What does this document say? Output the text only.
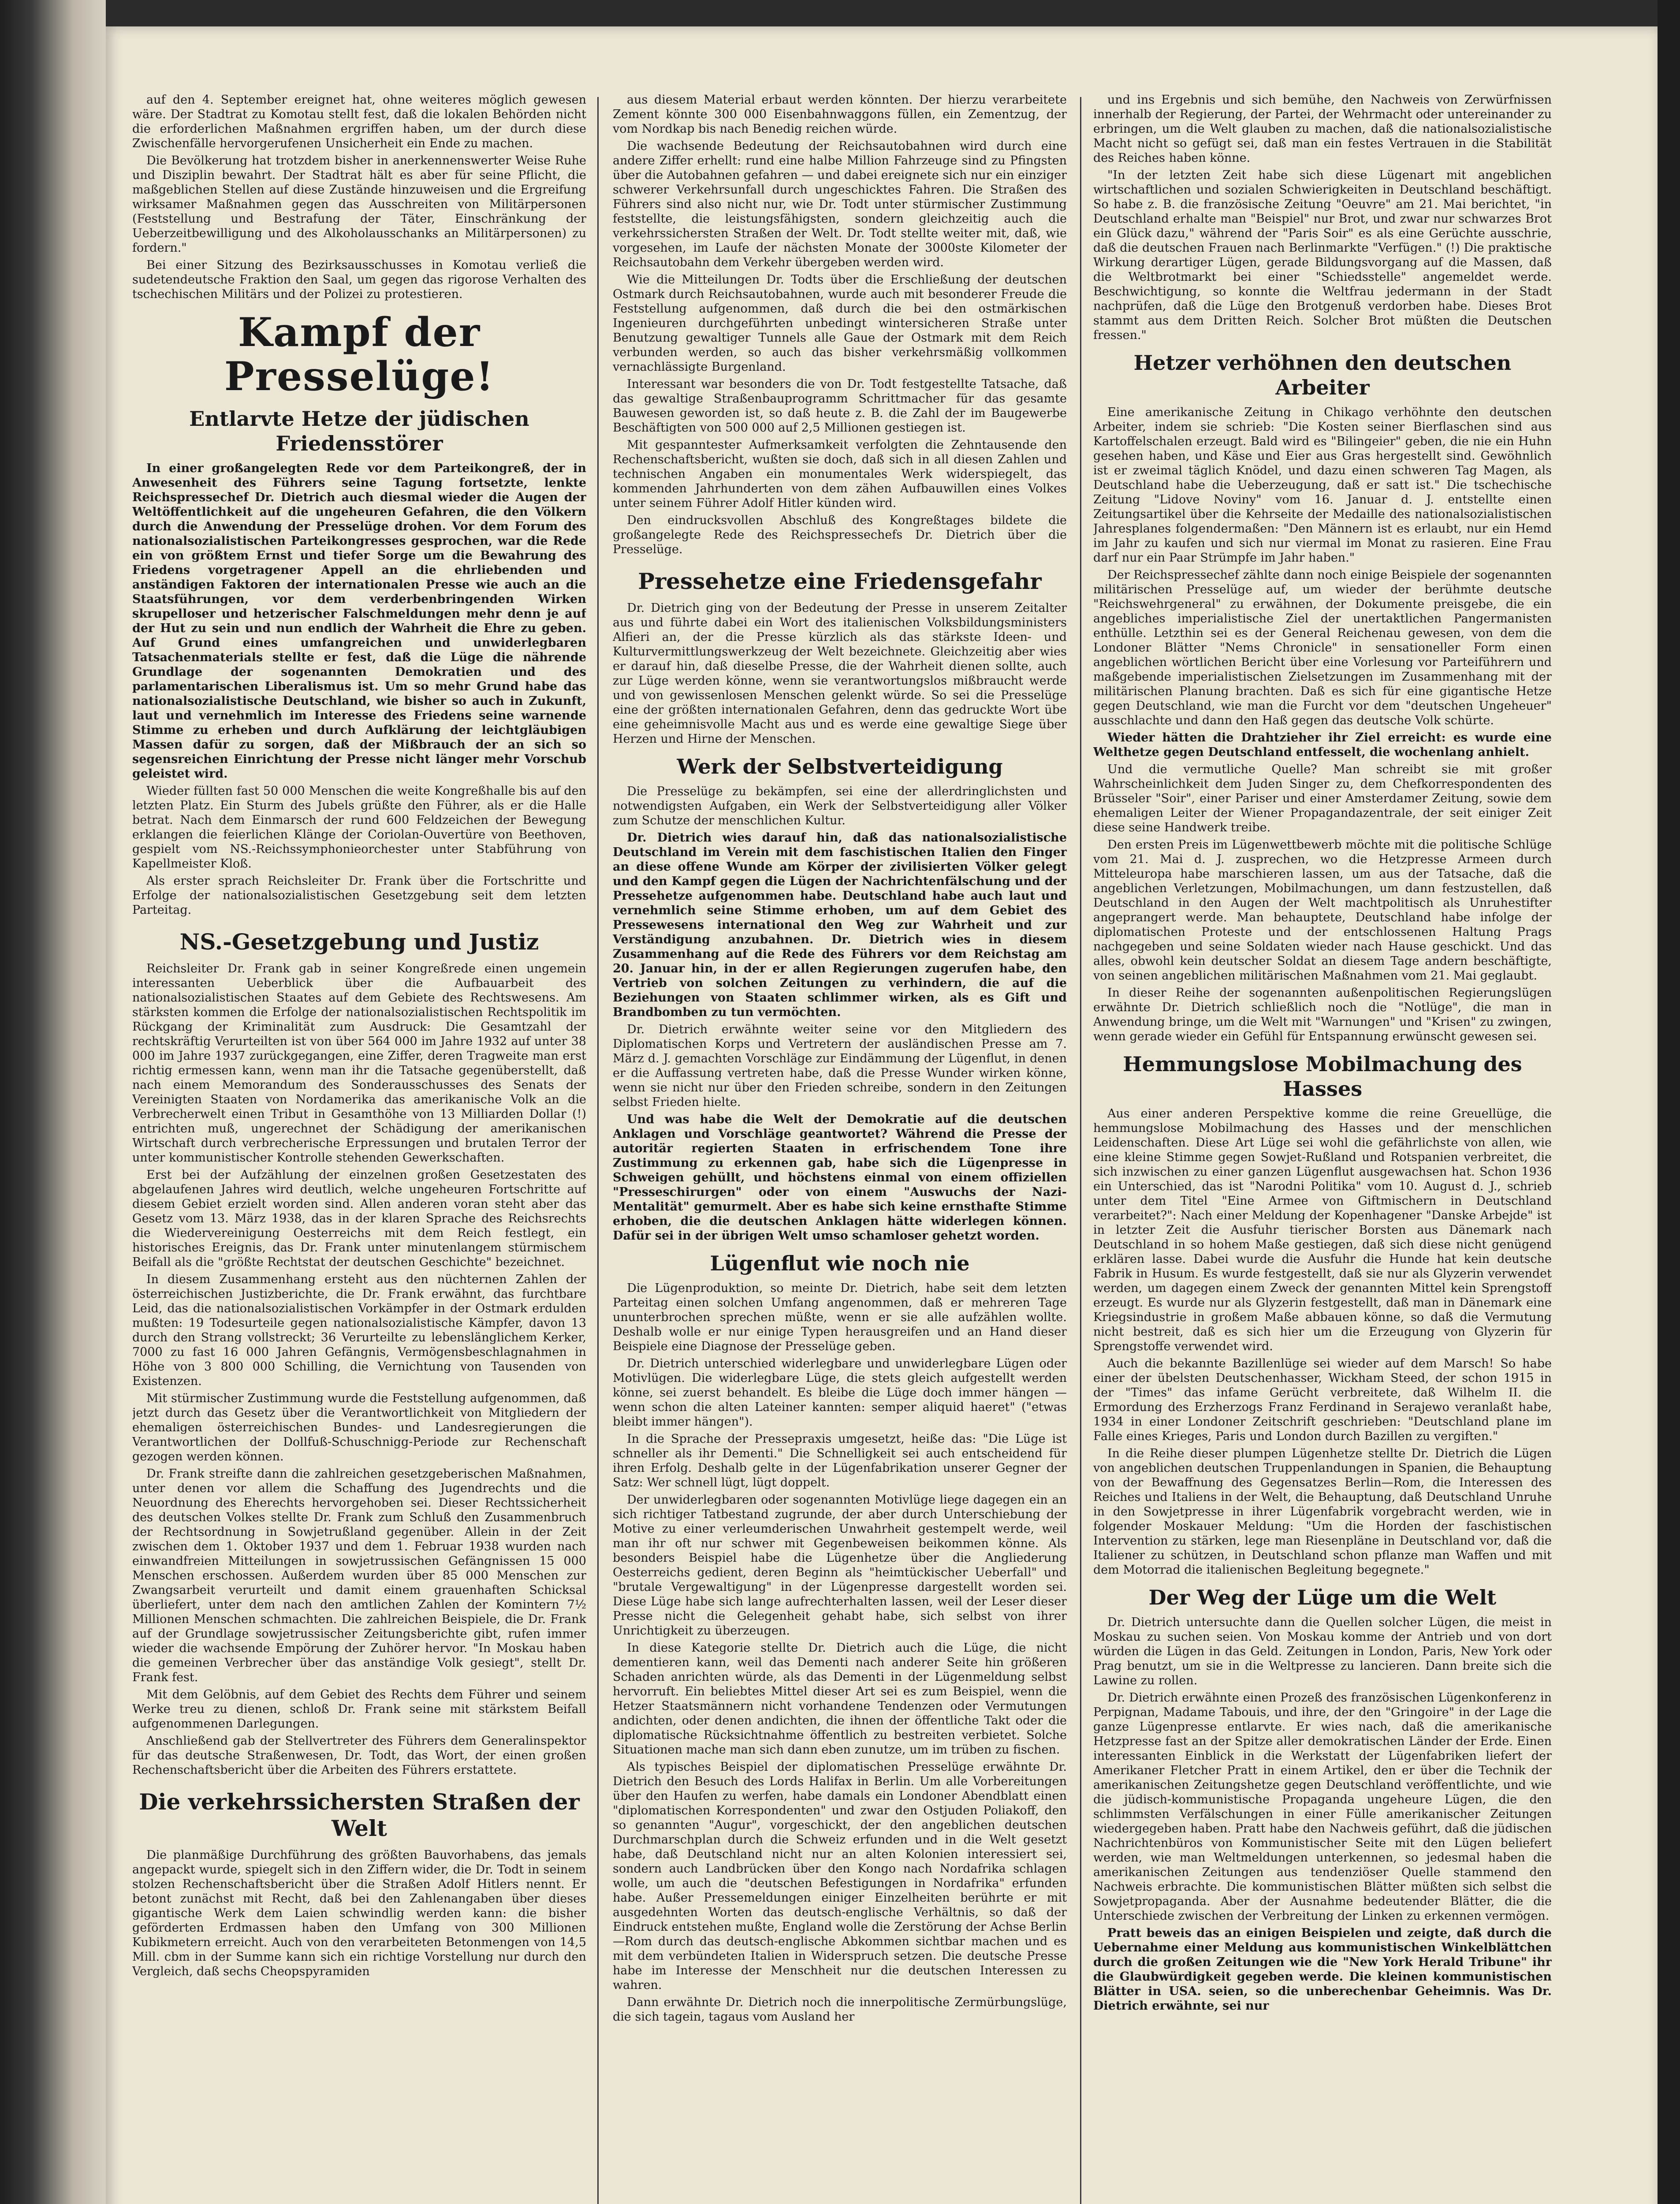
auf den 4. September ereignet hat, ohne weiteres möglich gewesen wäre. Der Stadtrat zu Komotau stellt fest, daß die lokalen Behörden nicht die erforderlichen Maßnahmen ergriffen haben, um der durch diese Zwischenfälle hervorgerufenen Unsicherheit ein Ende zu machen.

Die Bevölkerung hat trotzdem bisher in anerkennenswerter Weise Ruhe und Disziplin bewahrt. Der Stadtrat hält es aber für seine Pflicht, die maßgeblichen Stellen auf diese Zustände hinzuweisen und die Ergreifung wirksamer Maßnahmen gegen das Ausschreiten von Militärpersonen (Feststellung und Bestrafung der Täter, Einschränkung der Ueberzeitbewilligung und des Alkoholausschanks an Militärpersonen) zu fordern."

Bei einer Sitzung des Bezirksausschusses in Komotau verließ die sudetendeutsche Fraktion den Saal, um gegen das rigorose Verhalten des tschechischen Militärs und der Polizei zu protestieren.

Kampf der Presselüge!
Entlarvte Hetze der jüdischen Friedensstörer

In einer großangelegten Rede vor dem Parteikongreß, der in Anwesenheit des Führers seine Tagung fortsetzte, lenkte Reichspressechef Dr. Dietrich auch diesmal wieder die Augen der Weltöffentlichkeit auf die ungeheuren Gefahren, die den Völkern durch die Anwendung der Presselüge drohen. Vor dem Forum des nationalsozialistischen Parteikongresses gesprochen, war die Rede ein von größtem Ernst und tiefer Sorge um die Bewahrung des Friedens vorgetragener Appell an die ehrliebenden und anständigen Faktoren der internationalen Presse wie auch an die Staatsführungen, vor dem verderbenbringenden Wirken skrupelloser und hetzerischer Falschmeldungen mehr denn je auf der Hut zu sein und nun endlich der Wahrheit die Ehre zu geben. Auf Grund eines umfangreichen und unwiderlegbaren Tatsachenmaterials stellte er fest, daß die Lüge die nährende Grundlage der sogenannten Demokratien und des parlamentarischen Liberalismus ist. Um so mehr Grund habe das nationalsozialistische Deutschland, wie bisher so auch in Zukunft, laut und vernehmlich im Interesse des Friedens seine warnende Stimme zu erheben und durch Aufklärung der leichtgläubigen Massen dafür zu sorgen, daß der Mißbrauch der an sich so segensreichen Einrichtung der Presse nicht länger mehr Vorschub geleistet wird.

Wieder füllten fast 50 000 Menschen die weite Kongreßhalle bis auf den letzten Platz. Ein Sturm des Jubels grüßte den Führer, als er die Halle betrat. Nach dem Einmarsch der rund 600 Feldzeichen der Bewegung erklangen die feierlichen Klänge der Coriolan-Ouvertüre von Beethoven, gespielt vom NS.-Reichssymphonieorchester unter Stabführung von Kapellmeister Kloß.

Als erster sprach Reichsleiter Dr. Frank über die Fortschritte und Erfolge der nationalsozialistischen Gesetzgebung seit dem letzten Parteitag.

NS.-Gesetzgebung und Justiz

Reichsleiter Dr. Frank gab in seiner Kongreßrede einen ungemein interessanten Ueberblick über die Aufbauarbeit des nationalsozialistischen Staates auf dem Gebiete des Rechtswesens. Am stärksten kommen die Erfolge der nationalsozialistischen Rechtspolitik im Rückgang der Kriminalität zum Ausdruck: Die Gesamtzahl der rechtskräftig Verurteilten ist von über 564 000 im Jahre 1932 auf unter 38 000 im Jahre 1937 zurückgegangen, eine Ziffer, deren Tragweite man erst richtig ermessen kann, wenn man ihr die Tatsache gegenüberstellt, daß nach einem Memorandum des Sonderausschusses des Senats der Vereinigten Staaten von Nordamerika das amerikanische Volk an die Verbrecherwelt einen Tribut in Gesamthöhe von 13 Milliarden Dollar (!) entrichten muß, ungerechnet der Schädigung der amerikanischen Wirtschaft durch verbrecherische Erpressungen und brutalen Terror der unter kommunistischer Kontrolle stehenden Gewerkschaften.

Erst bei der Aufzählung der einzelnen großen Gesetzestaten des abgelaufenen Jahres wird deutlich, welche ungeheuren Fortschritte auf diesem Gebiet erzielt worden sind. Allen anderen voran steht aber das Gesetz vom 13. März 1938, das in der klaren Sprache des Reichsrechts die Wiedervereinigung Oesterreichs mit dem Reich festlegt, ein historisches Ereignis, das Dr. Frank unter minutenlangem stürmischem Beifall als die "größte Rechtstat der deutschen Geschichte" bezeichnet.

In diesem Zusammenhang ersteht aus den nüchternen Zahlen der österreichischen Justizberichte, die Dr. Frank erwähnt, das furchtbare Leid, das die nationalsozialistischen Vorkämpfer in der Ostmark erdulden mußten: 19 Todesurteile gegen nationalsozialistische Kämpfer, davon 13 durch den Strang vollstreckt; 36 Verurteilte zu lebenslänglichem Kerker, 7000 zu fast 16 000 Jahren Gefängnis, Vermögensbeschlagnahmen in Höhe von 3 800 000 Schilling, die Vernichtung von Tausenden von Existenzen.

Mit stürmischer Zustimmung wurde die Feststellung aufgenommen, daß jetzt durch das Gesetz über die Verantwortlichkeit von Mitgliedern der ehemaligen österreichischen Bundes- und Landesregierungen die Verantwortlichen der Dollfuß-Schuschnigg-Periode zur Rechenschaft gezogen werden können.

Dr. Frank streifte dann die zahlreichen gesetzgeberischen Maßnahmen, unter denen vor allem die Schaffung des Jugendrechts und die Neuordnung des Eherechts hervorgehoben sei. Dieser Rechtssicherheit des deutschen Volkes stellte Dr. Frank zum Schluß den Zusammenbruch der Rechtsordnung in Sowjetrußland gegenüber. Allein in der Zeit zwischen dem 1. Oktober 1937 und dem 1. Februar 1938 wurden nach einwandfreien Mitteilungen in sowjetrussischen Gefängnissen 15 000 Menschen erschossen. Außerdem wurden über 85 000 Menschen zur Zwangsarbeit verurteilt und damit einem grauenhaften Schicksal überliefert, unter dem nach den amtlichen Zahlen der Komintern 7½ Millionen Menschen schmachten. Die zahlreichen Beispiele, die Dr. Frank auf der Grundlage sowjetrussischer Zeitungsberichte gibt, rufen immer wieder die wachsende Empörung der Zuhörer hervor. "In Moskau haben die gemeinen Verbrecher über das anständige Volk gesiegt", stellt Dr. Frank fest.

Mit dem Gelöbnis, auf dem Gebiet des Rechts dem Führer und seinem Werke treu zu dienen, schloß Dr. Frank seine mit stärkstem Beifall aufgenommenen Darlegungen.

Anschließend gab der Stellvertreter des Führers dem Generalinspektor für das deutsche Straßenwesen, Dr. Todt, das Wort, der einen großen Rechenschaftsbericht über die Arbeiten des Führers erstattete.

Die verkehrssichersten Straßen der Welt

Die planmäßige Durchführung des größten Bauvorhabens, das jemals angepackt wurde, spiegelt sich in den Ziffern wider, die Dr. Todt in seinem stolzen Rechenschaftsbericht über die Straßen Adolf Hitlers nennt. Er betont zunächst mit Recht, daß bei den Zahlenangaben über dieses gigantische Werk dem Laien schwindlig werden kann: die bisher geförderten Erdmassen haben den Umfang von 300 Millionen Kubikmetern erreicht. Auch von den verarbeiteten Betonmengen von 14,5 Mill. cbm in der Summe kann sich ein richtige Vorstellung nur durch den Vergleich, daß sechs Cheopspyramiden

aus diesem Material erbaut werden könnten. Der hierzu verarbeitete Zement könnte 300 000 Eisenbahnwaggons füllen, ein Zementzug, der vom Nordkap bis nach Benedig reichen würde.

Die wachsende Bedeutung der Reichsautobahnen wird durch eine andere Ziffer erhellt: rund eine halbe Million Fahrzeuge sind zu Pfingsten über die Autobahnen gefahren — und dabei ereignete sich nur ein einziger schwerer Verkehrsunfall durch ungeschicktes Fahren. Die Straßen des Führers sind also nicht nur, wie Dr. Todt unter stürmischer Zustimmung feststellte, die leistungsfähigsten, sondern gleichzeitig auch die verkehrssichersten Straßen der Welt. Dr. Todt stellte weiter mit, daß, wie vorgesehen, im Laufe der nächsten Monate der 3000ste Kilometer der Reichsautobahn dem Verkehr übergeben werden wird.

Wie die Mitteilungen Dr. Todts über die Erschließung der deutschen Ostmark durch Reichsautobahnen, wurde auch mit besonderer Freude die Feststellung aufgenommen, daß durch die bei den ostmärkischen Ingenieuren durchgeführten unbedingt wintersicheren Straße unter Benutzung gewaltiger Tunnels alle Gaue der Ostmark mit dem Reich verbunden werden, so auch das bisher verkehrsmäßig vollkommen vernachlässigte Burgenland.

Interessant war besonders die von Dr. Todt festgestellte Tatsache, daß das gewaltige Straßenbauprogramm Schrittmacher für das gesamte Bauwesen geworden ist, so daß heute z. B. die Zahl der im Baugewerbe Beschäftigten von 500 000 auf 2,5 Millionen gestiegen ist.

Mit gespanntester Aufmerksamkeit verfolgten die Zehntausende den Rechenschaftsbericht, wußten sie doch, daß sich in all diesen Zahlen und technischen Angaben ein monumentales Werk widerspiegelt, das kommenden Jahrhunderten von dem zähen Aufbauwillen eines Volkes unter seinem Führer Adolf Hitler künden wird.

Den eindrucksvollen Abschluß des Kongreßtages bildete die großangelegte Rede des Reichspressechefs Dr. Dietrich über die Presselüge.

Pressehetze eine Friedensgefahr

Dr. Dietrich ging von der Bedeutung der Presse in unserem Zeitalter aus und führte dabei ein Wort des italienischen Volksbildungsministers Alfieri an, der die Presse kürzlich als das stärkste Ideen- und Kulturvermittlungswerkzeug der Welt bezeichnete. Gleichzeitig aber wies er darauf hin, daß dieselbe Presse, die der Wahrheit dienen sollte, auch zur Lüge werden könne, wenn sie verantwortungslos mißbraucht werde und von gewissenlosen Menschen gelenkt würde. So sei die Presselüge eine der größten internationalen Gefahren, denn das gedruckte Wort übe eine geheimnisvolle Macht aus und es werde eine gewaltige Siege über Herzen und Hirne der Menschen.

Werk der Selbstverteidigung

Die Presselüge zu bekämpfen, sei eine der allerdringlichsten und notwendigsten Aufgaben, ein Werk der Selbstverteidigung aller Völker zum Schutze der menschlichen Kultur.

Dr. Dietrich wies darauf hin, daß das nationalsozialistische Deutschland im Verein mit dem faschistischen Italien den Finger an diese offene Wunde am Körper der zivilisierten Völker gelegt und den Kampf gegen die Lügen der Nachrichtenfälschung und der Pressehetze aufgenommen habe. Deutschland habe auch laut und vernehmlich seine Stimme erhoben, um auf dem Gebiet des Pressewesens international den Weg zur Wahrheit und zur Verständigung anzubahnen. Dr. Dietrich wies in diesem Zusammenhang auf die Rede des Führers vor dem Reichstag am 20. Januar hin, in der er allen Regierungen zugerufen habe, den Vertrieb von solchen Zeitungen zu verhindern, die auf die Beziehungen von Staaten schlimmer wirken, als es Gift und Brandbomben zu tun vermöchten.

Dr. Dietrich erwähnte weiter seine vor den Mitgliedern des Diplomatischen Korps und Vertretern der ausländischen Presse am 7. März d. J. gemachten Vorschläge zur Eindämmung der Lügenflut, in denen er die Auffassung vertreten habe, daß die Presse Wunder wirken könne, wenn sie nicht nur über den Frieden schreibe, sondern in den Zeitungen selbst Frieden hielte.

Und was habe die Welt der Demokratie auf die deutschen Anklagen und Vorschläge geantwortet? Während die Presse der autoritär regierten Staaten in erfrischendem Tone ihre Zustimmung zu erkennen gab, habe sich die Lügenpresse in Schweigen gehüllt, und höchstens einmal von einem offiziellen "Presseschirurgen" oder von einem "Auswuchs der Nazi-Mentalität" gemurmelt. Aber es habe sich keine ernsthafte Stimme erhoben, die die deutschen Anklagen hätte widerlegen können. Dafür sei in der übrigen Welt umso schamloser gehetzt worden.

Lügenflut wie noch nie

Die Lügenproduktion, so meinte Dr. Dietrich, habe seit dem letzten Parteitag einen solchen Umfang angenommen, daß er mehreren Tage ununterbrochen sprechen müßte, wenn er sie alle aufzählen wollte. Deshalb wolle er nur einige Typen herausgreifen und an Hand dieser Beispiele eine Diagnose der Presselüge geben.

Dr. Dietrich unterschied widerlegbare und unwiderlegbare Lügen oder Motivlügen. Die widerlegbare Lüge, die stets gleich aufgestellt werden könne, sei zuerst behandelt. Es bleibe die Lüge doch immer hängen — wenn schon die alten Lateiner kannten: semper aliquid haeret" ("etwas bleibt immer hängen").

In die Sprache der Pressepraxis umgesetzt, heiße das: "Die Lüge ist schneller als ihr Dementi." Die Schnelligkeit sei auch entscheidend für ihren Erfolg. Deshalb gelte in der Lügenfabrikation unserer Gegner der Satz: Wer schnell lügt, lügt doppelt.

Der unwiderlegbaren oder sogenannten Motivlüge liege dagegen ein an sich richtiger Tatbestand zugrunde, der aber durch Unterschiebung der Motive zu einer verleumderischen Unwahrheit gestempelt werde, weil man ihr oft nur schwer mit Gegenbeweisen beikommen könne. Als besonders Beispiel habe die Lügenhetze über die Angliederung Oesterreichs gedient, deren Beginn als "heimtückischer Ueberfall" und "brutale Vergewaltigung" in der Lügenpresse dargestellt worden sei. Diese Lüge habe sich lange aufrechterhalten lassen, weil der Leser dieser Presse nicht die Gelegenheit gehabt habe, sich selbst von ihrer Unrichtigkeit zu überzeugen.

In diese Kategorie stellte Dr. Dietrich auch die Lüge, die nicht dementieren kann, weil das Dementi nach anderer Seite hin größeren Schaden anrichten würde, als das Dementi in der Lügenmeldung selbst hervorruft. Ein beliebtes Mittel dieser Art sei es zum Beispiel, wenn die Hetzer Staatsmännern nicht vorhandene Tendenzen oder Vermutungen andichten, oder denen andichten, die ihnen der öffentliche Takt oder die diplomatische Rücksichtnahme öffentlich zu bestreiten verbietet. Solche Situationen mache man sich dann eben zunutze, um im trüben zu fischen.

Als typisches Beispiel der diplomatischen Presselüge erwähnte Dr. Dietrich den Besuch des Lords Halifax in Berlin. Um alle Vorbereitungen über den Haufen zu werfen, habe damals ein Londoner Abendblatt einen "diplomatischen Korrespondenten" und zwar den Ostjuden Poliakoff, den so genannten "Augur", vorgeschickt, der den angeblichen deutschen Durchmarschplan durch die Schweiz erfunden und in die Welt gesetzt habe, daß Deutschland nicht nur an alten Kolonien interessiert sei, sondern auch Landbrücken über den Kongo nach Nordafrika schlagen wolle, um auch die "deutschen Befestigungen in Nordafrika" erfunden habe. Außer Pressemeldungen einiger Einzelheiten berührte er mit ausgedehnten Worten das deutsch-englische Verhältnis, so daß der Eindruck entstehen mußte, England wolle die Zerstörung der Achse Berlin—Rom durch das deutsch-englische Abkommen sichtbar machen und es mit dem verbündeten Italien in Widerspruch setzen. Die deutsche Presse habe im Interesse der Menschheit nur die deutschen Interessen zu wahren.

Dann erwähnte Dr. Dietrich noch die innerpolitische Zermürbungslüge, die sich tagein, tagaus vom Ausland her

und ins Ergebnis und sich bemühe, den Nachweis von Zerwürfnissen innerhalb der Regierung, der Partei, der Wehrmacht oder untereinander zu erbringen, um die Welt glauben zu machen, daß die nationalsozialistische Macht nicht so gefügt sei, daß man ein festes Vertrauen in die Stabilität des Reiches haben könne.

"In der letzten Zeit habe sich diese Lügenart mit angeblichen wirtschaftlichen und sozialen Schwierigkeiten in Deutschland beschäftigt. So habe z. B. die französische Zeitung "Oeuvre" am 21. Mai berichtet, "in Deutschland erhalte man "Beispiel" nur Brot, und zwar nur schwarzes Brot ein Glück dazu," während der "Paris Soir" es als eine Gerüchte ausschrie, daß die deutschen Frauen nach Berlinmarkte "Verfügen." (!) Die praktische Wirkung derartiger Lügen, gerade Bildungsvorgang auf die Massen, daß die Weltbrotmarkt bei einer "Schiedsstelle" angemeldet werde. Beschwichtigung, so konnte die Weltfrau jedermann in der Stadt nachprüfen, daß die Lüge den Brotgenuß verdorben habe. Dieses Brot stammt aus dem Dritten Reich. Solcher Brot müßten die Deutschen fressen."

Hetzer verhöhnen den deutschen Arbeiter

Eine amerikanische Zeitung in Chikago verhöhnte den deutschen Arbeiter, indem sie schrieb: "Die Kosten seiner Bierflaschen sind aus Kartoffelschalen erzeugt. Bald wird es "Bilingeier" geben, die nie ein Huhn gesehen haben, und Käse und Eier aus Gras hergestellt sind. Gewöhnlich ist er zweimal täglich Knödel, und dazu einen schweren Tag Magen, als Deutschland habe die Ueberzeugung, daß er satt ist." Die tschechische Zeitung "Lidove Noviny" vom 16. Januar d. J. entstellte einen Zeitungsartikel über die Kehrseite der Medaille des nationalsozialistischen Jahresplanes folgendermaßen: "Den Männern ist es erlaubt, nur ein Hemd im Jahr zu kaufen und sich nur viermal im Monat zu rasieren. Eine Frau darf nur ein Paar Strümpfe im Jahr haben."

Der Reichspressechef zählte dann noch einige Beispiele der sogenannten militärischen Presselüge auf, um wieder der berühmte deutsche "Reichswehrgeneral" zu erwähnen, der Dokumente preisgebe, die ein angebliches imperialistische Ziel der unertaktlichen Pangermanisten enthülle. Letzthin sei es der General Reichenau gewesen, von dem die Londoner Blätter "Nems Chronicle" in sensationeller Form einen angeblichen wörtlichen Bericht über eine Vorlesung vor Parteiführern und maßgebende imperialistischen Zielsetzungen im Zusammenhang mit der militärischen Planung brachten. Daß es sich für eine gigantische Hetze gegen Deutschland, wie man die Furcht vor dem "deutschen Ungeheuer" ausschlachte und dann den Haß gegen das deutsche Volk schürte.

Wieder hätten die Drahtzieher ihr Ziel erreicht: es wurde eine Welthetze gegen Deutschland entfesselt, die wochenlang anhielt.

Und die vermutliche Quelle? Man schreibt sie mit großer Wahrscheinlichkeit dem Juden Singer zu, dem Chefkorrespondenten des Brüsseler "Soir", einer Pariser und einer Amsterdamer Zeitung, sowie dem ehemaligen Leiter der Wiener Propagandazentrale, der seit einiger Zeit diese seine Handwerk treibe.

Den ersten Preis im Lügenwettbewerb möchte mit die politische Schlüge vom 21. Mai d. J. zusprechen, wo die Hetzpresse Armeen durch Mitteleuropa habe marschieren lassen, um aus der Tatsache, daß die angeblichen Verletzungen, Mobilmachungen, um dann festzustellen, daß Deutschland in den Augen der Welt machtpolitisch als Unruhestifter angeprangert werde. Man behauptete, Deutschland habe infolge der diplomatischen Proteste und der entschlossenen Haltung Prags nachgegeben und seine Soldaten wieder nach Hause geschickt. Und das alles, obwohl kein deutscher Soldat an diesem Tage andern beschäftigte, von seinen angeblichen militärischen Maßnahmen vom 21. Mai geglaubt.

In dieser Reihe der sogenannten außenpolitischen Regierungslügen erwähnte Dr. Dietrich schließlich noch die "Notlüge", die man in Anwendung bringe, um die Welt mit "Warnungen" und "Krisen" zu zwingen, wenn gerade wieder ein Gefühl für Entspannung erwünscht gewesen sei.

Hemmungslose Mobilmachung des Hasses

Aus einer anderen Perspektive komme die reine Greuellüge, die hemmungslose Mobilmachung des Hasses und der menschlichen Leidenschaften. Diese Art Lüge sei wohl die gefährlichste von allen, wie eine kleine Stimme gegen Sowjet-Rußland und Rotspanien verbreitet, die sich inzwischen zu einer ganzen Lügenflut ausgewachsen hat. Schon 1936 ein Unterschied, das ist "Narodni Politika" vom 10. August d. J., schrieb unter dem Titel "Eine Armee von Giftmischern in Deutschland verarbeitet?": Nach einer Meldung der Kopenhagener "Danske Arbejde" ist in letzter Zeit die Ausfuhr tierischer Borsten aus Dänemark nach Deutschland in so hohem Maße gestiegen, daß sich diese nicht genügend erklären lasse. Dabei wurde die Ausfuhr die Hunde hat kein deutsche Fabrik in Husum. Es wurde festgestellt, daß sie nur als Glyzerin verwendet werden, um dagegen einem Zweck der genannten Mittel kein Sprengstoff erzeugt. Es wurde nur als Glyzerin festgestellt, daß man in Dänemark eine Kriegsindustrie in großem Maße abbauen könne, so daß die Vermutung nicht bestreit, daß es sich hier um die Erzeugung von Glyzerin für Sprengstoffe verwendet wird.

Auch die bekannte Bazillenlüge sei wieder auf dem Marsch! So habe einer der übelsten Deutschenhasser, Wickham Steed, der schon 1915 in der "Times" das infame Gerücht verbreitete, daß Wilhelm II. die Ermordung des Erzherzogs Franz Ferdinand in Serajewo veranlaßt habe, 1934 in einer Londoner Zeitschrift geschrieben: "Deutschland plane im Falle eines Krieges, Paris und London durch Bazillen zu vergiften."

In die Reihe dieser plumpen Lügenhetze stellte Dr. Dietrich die Lügen von angeblichen deutschen Truppenlandungen in Spanien, die Behauptung von der Bewaffnung des Gegensatzes Berlin—Rom, die Interessen des Reiches und Italiens in der Welt, die Behauptung, daß Deutschland Unruhe in den Sowjetpresse in ihrer Lügenfabrik vorgebracht werden, wie in folgender Moskauer Meldung: "Um die Horden der faschistischen Intervention zu stärken, lege man Riesenpläne in Deutschland vor, daß die Italiener zu schützen, in Deutschland schon pflanze man Waffen und mit dem Motorrad die italienischen Begleitung begegnete."

Der Weg der Lüge um die Welt

Dr. Dietrich untersuchte dann die Quellen solcher Lügen, die meist in Moskau zu suchen seien. Von Moskau komme der Antrieb und von dort würden die Lügen in das Geld. Zeitungen in London, Paris, New York oder Prag benutzt, um sie in die Weltpresse zu lancieren. Dann breite sich die Lawine zu rollen.

Dr. Dietrich erwähnte einen Prozeß des französischen Lügenkonferenz in Perpignan, Madame Tabouis, und ihre, der den "Gringoire" in der Lage die ganze Lügenpresse entlarvte. Er wies nach, daß die amerikanische Hetzpresse fast an der Spitze aller demokratischen Länder der Erde. Einen interessanten Einblick in die Werkstatt der Lügenfabriken liefert der Amerikaner Fletcher Pratt in einem Artikel, den er über die Technik der amerikanischen Zeitungshetze gegen Deutschland veröffentlichte, und wie die jüdisch-kommunistische Propaganda ungeheure Lügen, die den schlimmsten Verfälschungen in einer Fülle amerikanischer Zeitungen wiedergegeben haben. Pratt habe den Nachweis geführt, daß die jüdischen Nachrichtenbüros von Kommunistischer Seite mit den Lügen beliefert werden, wie man Weltmeldungen unterkennen, so jedesmal haben die amerikanischen Zeitungen aus tendenziöser Quelle stammend den Nachweis erbrachte. Die kommunistischen Blätter müßten sich selbst die Sowjetpropaganda. Aber der Ausnahme bedeutender Blätter, die die Unterschiede zwischen der Verbreitung der Linken zu erkennen vermögen.

Pratt beweis das an einigen Beispielen und zeigte, daß durch die Uebernahme einer Meldung aus kommunistischen Winkelblättchen durch die großen Zeitungen wie die "New York Herald Tribune" ihr die Glaubwürdigkeit gegeben werde. Die kleinen kommunistischen Blätter in USA. seien, so die unberechenbar Geheimnis. Was Dr. Dietrich erwähnte, sei nur
